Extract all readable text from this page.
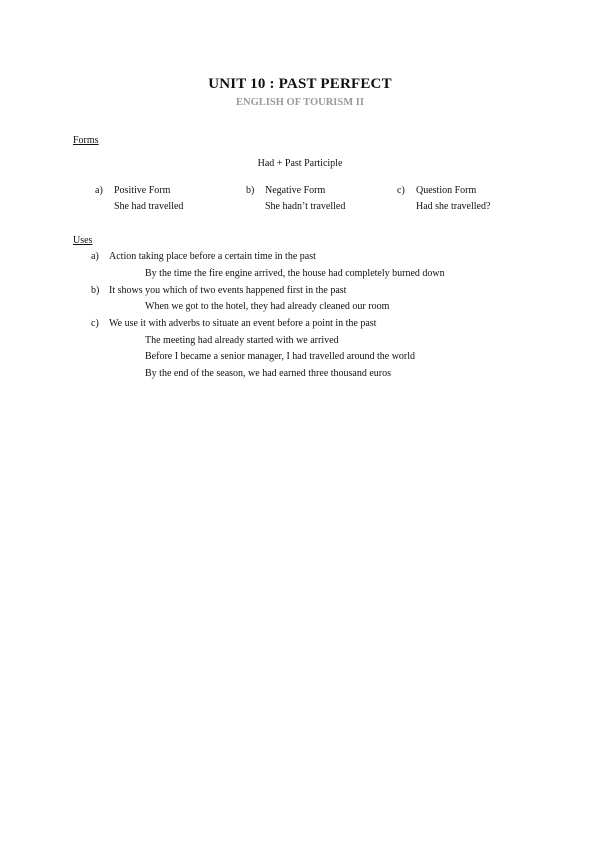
UNIT 10 : PAST PERFECT
ENGLISH OF TOURISM II
Forms
Had + Past Participle
a) Positive Form
She had travelled
b) Negative Form
She hadn’t travelled
c) Question Form
Had she travelled?
Uses
a) Action taking place before a certain time in the past
By the time the fire engine arrived, the house had completely burned down
b) It shows you which of two events happened first in the past
When we got to the hotel, they had already cleaned our room
c) We use it with adverbs to situate an event before a point in the past
The meeting had already started with we arrived
Before I became a senior manager, I had travelled around the world
By the end of the season, we had earned three thousand euros
